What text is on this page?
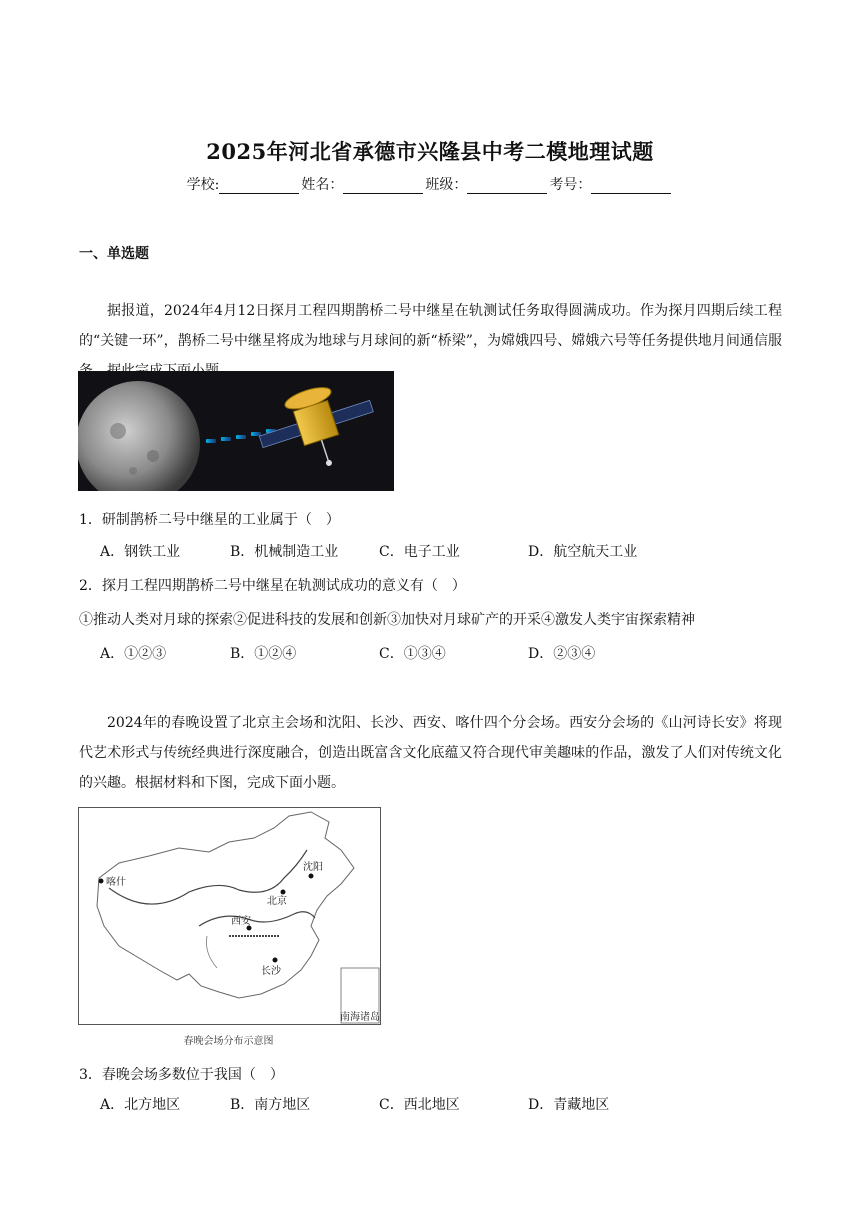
2025年河北省承德市兴隆县中考二模地理试题
学校:	姓名：	班级：	考号：
一、单选题

据报道，2024年4月12日探月工程四期鹊桥二号中继星在轨测试任务取得圆满成功。作为探月四期后续工程的“关键一环”，鹊桥二号中继星将成为地球与月球间的新“桥梁”，为嫦娥四号、嫦娥六号等任务提供地月间通信服

1．研制鹊桥二号中继星的工业属于（　）

A．钢铁工业	B．机械制造工业	C．电子工业	D．航空航天工业

2．探月工程四期鹊桥二号中继星在轨测试成功的意义有（　）

①推动人类对月球的探索②促进科技的发展和创新③加快对月球矿产的开采④激发人类宇宙探索精神

A．①②③	B．①②④	C．①③④	D．②③④

2024年的春晚设置了北京主会场和沈阳、长沙、西安、喀什四个分会场。西安分会场的《山河诗长安》将现代艺术形式与传统经典进行深度融合，创造出既富含文化底蕴又符合现代审美趣味的作品，激发了人们对传统文化的兴趣。根据材料和下图，完成下面小题。

南海诸岛
喀什
沈阳
北京
西安
长沙
春晚会场分布示意图

3．春晚会场多数位于我国（　）

A．北方地区	B．南方地区	C．西北地区	D．青藏地区
